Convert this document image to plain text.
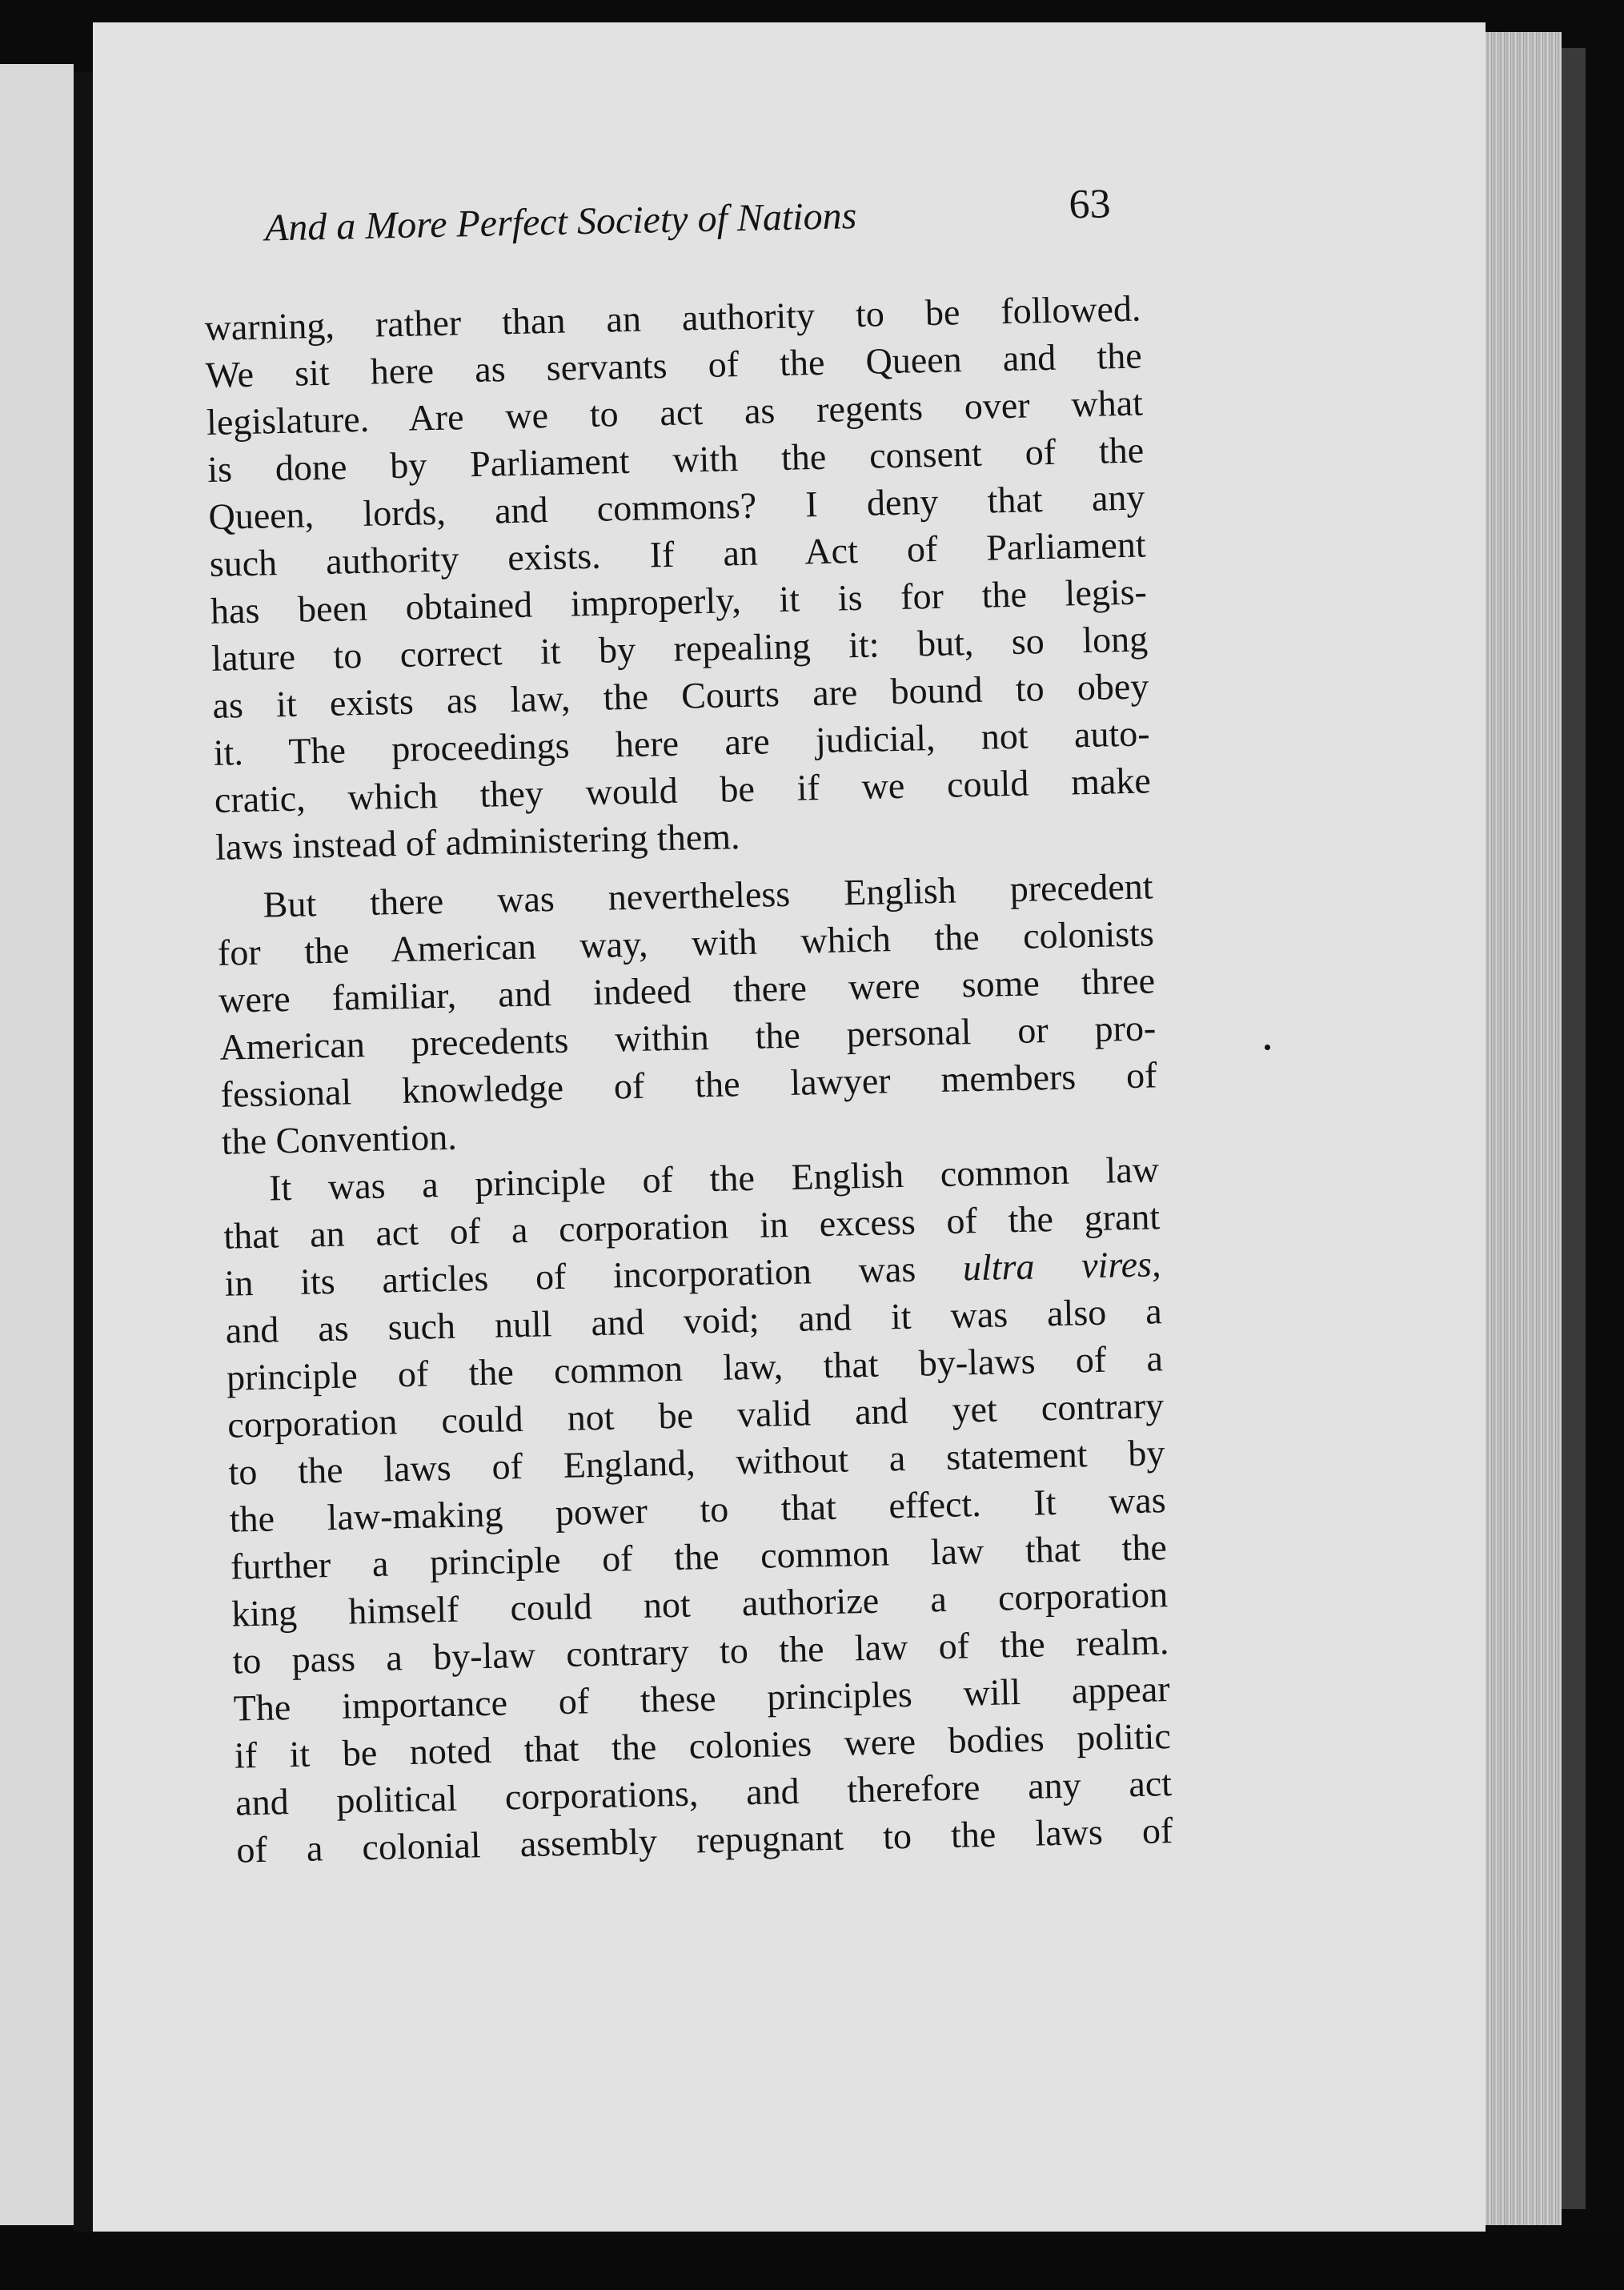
And a More Perfect Society of Nations	63
warning, rather than an authority to be followed.
We sit here as servants of the Queen and the
legislature. Are we to act as regents over what
is done by Parliament with the consent of the
Queen, lords, and commons? I deny that any
such authority exists. If an Act of Parliament
has been obtained improperly, it is for the legis-
lature to correct it by repealing it: but, so long
as it exists as law, the Courts are bound to obey
it. The proceedings here are judicial, not auto-
cratic, which they would be if we could make
laws instead of administering them.
But there was nevertheless English precedent
for the American way, with which the colonists
were familiar, and indeed there were some three
American precedents within the personal or pro-
fessional knowledge of the lawyer members of
the Convention.
It was a principle of the English common law
that an act of a corporation in excess of the grant
in its articles of incorporation was ultra vires,
and as such null and void; and it was also a
principle of the common law, that by-laws of a
corporation could not be valid and yet contrary
to the laws of England, without a statement by
the law-making power to that effect. It was
further a principle of the common law that the
king himself could not authorize a corporation
to pass a by-law contrary to the law of the realm.
The importance of these principles will appear
if it be noted that the colonies were bodies politic
and political corporations, and therefore any act
of a colonial assembly repugnant to the laws of
